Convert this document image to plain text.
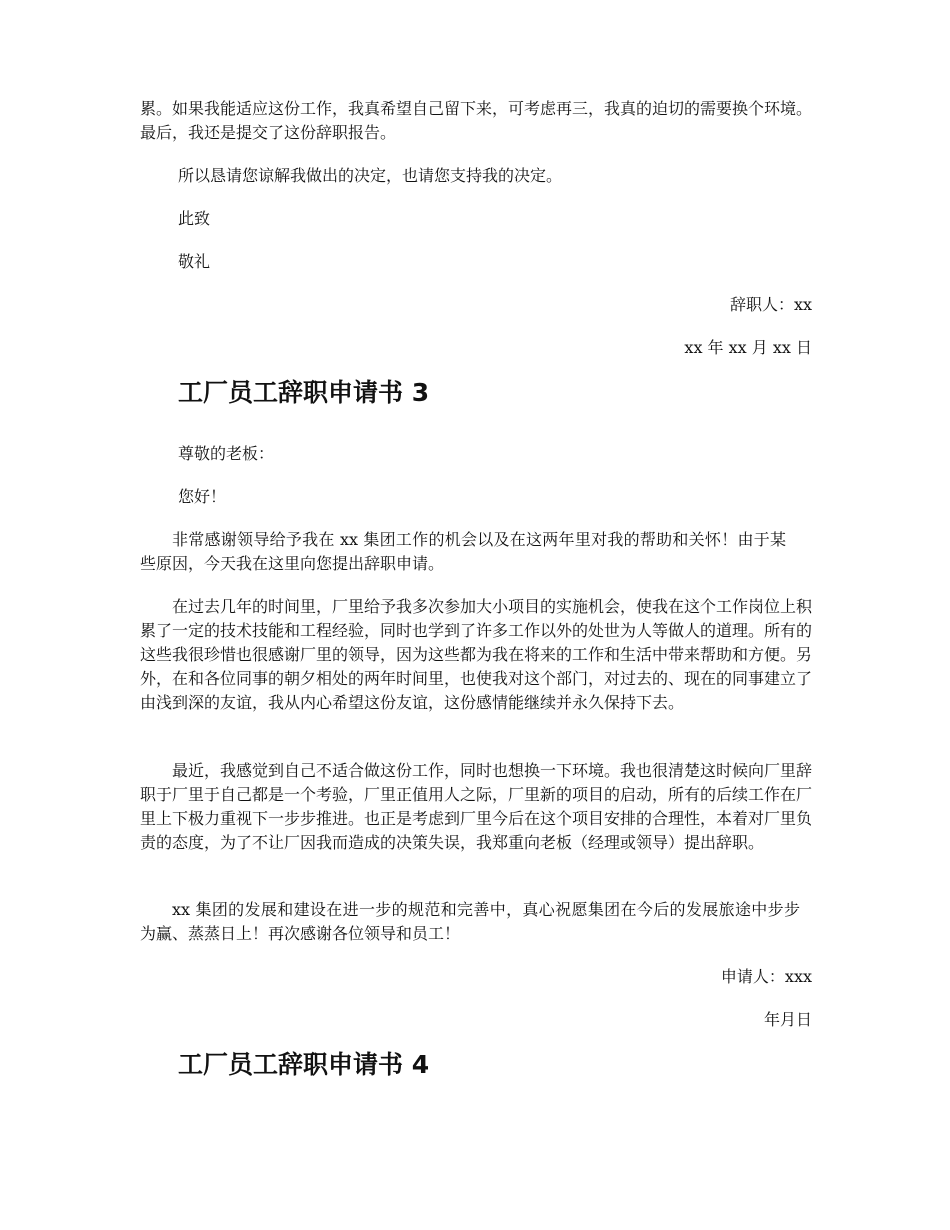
累。如果我能适应这份工作，我真希望自己留下来，可考虑再三，我真的迫切的需要换个环境。最后，我还是提交了这份辞职报告。
所以恳请您谅解我做出的决定，也请您支持我的决定。
此致
敬礼
辞职人：xx
xx 年 xx 月 xx 日
工厂员工辞职申请书 3
尊敬的老板：
您好！
非常感谢领导给予我在 xx 集团工作的机会以及在这两年里对我的帮助和关怀！由于某些原因，今天我在这里向您提出辞职申请。
在过去几年的时间里，厂里给予我多次参加大小项目的实施机会，使我在这个工作岗位上积累了一定的技术技能和工程经验，同时也学到了许多工作以外的处世为人等做人的道理。所有的这些我很珍惜也很感谢厂里的领导，因为这些都为我在将来的工作和生活中带来帮助和方便。另外，在和各位同事的朝夕相处的两年时间里，也使我对这个部门，对过去的、现在的同事建立了由浅到深的友谊，我从内心希望这份友谊，这份感情能继续并永久保持下去。
最近，我感觉到自己不适合做这份工作，同时也想换一下环境。我也很清楚这时候向厂里辞职于厂里于自己都是一个考验，厂里正值用人之际，厂里新的项目的启动，所有的后续工作在厂里上下极力重视下一步步推进。也正是考虑到厂里今后在这个项目安排的合理性，本着对厂里负责的态度，为了不让厂因我而造成的决策失误，我郑重向老板（经理或领导）提出辞职。
xx 集团的发展和建设在进一步的规范和完善中，真心祝愿集团在今后的发展旅途中步步为赢、蒸蒸日上！再次感谢各位领导和员工！
申请人：xxx
年月日
工厂员工辞职申请书 4
